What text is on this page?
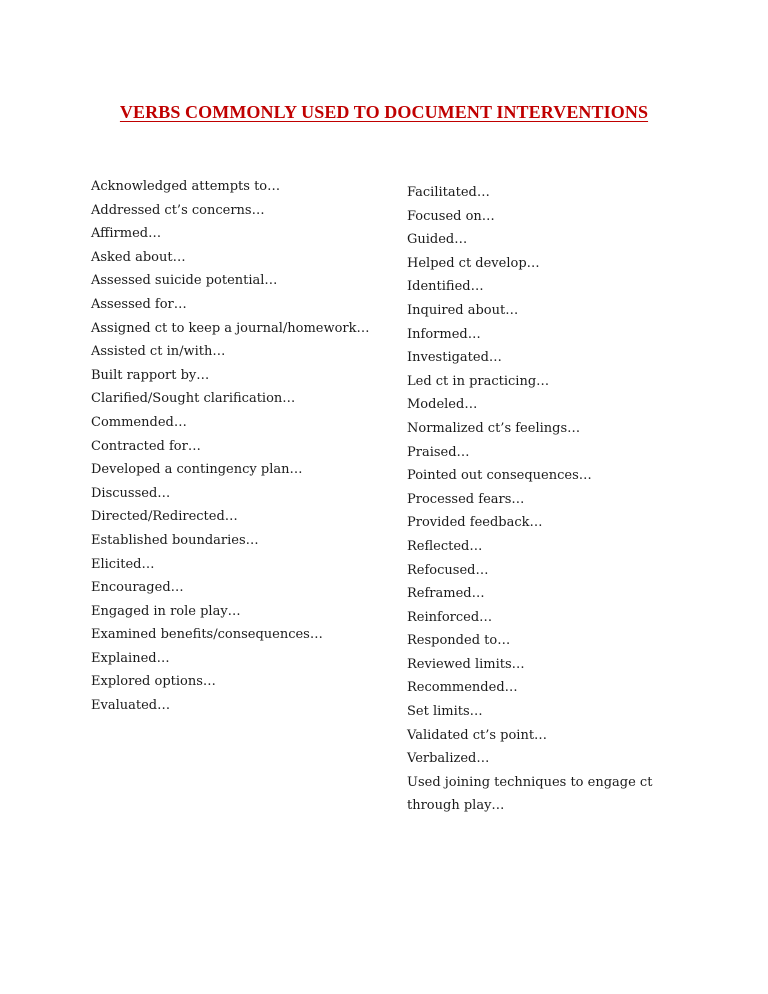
VERBS COMMONLY USED TO DOCUMENT INTERVENTIONS
Acknowledged attempts to…
Addressed ct’s concerns…
Affirmed…
Asked about…
Assessed suicide potential…
Assessed for…
Assigned ct to keep a journal/homework…
Assisted ct in/with…
Built rapport by…
Clarified/Sought clarification…
Commended…
Contracted for…
Developed a contingency plan…
Discussed…
Directed/Redirected…
Established boundaries…
Elicited…
Encouraged…
Engaged in role play…
Examined benefits/consequences…
Explained…
Explored options…
Evaluated…
Facilitated…
Focused on…
Guided…
Helped ct develop…
Identified…
Inquired about…
Informed…
Investigated…
Led ct in practicing…
Modeled…
Normalized ct’s feelings…
Praised…
Pointed out consequences…
Processed fears…
Provided feedback…
Reflected…
Refocused…
Reframed…
Reinforced…
Responded to…
Reviewed limits…
Recommended…
Set limits…
Validated ct’s point…
Verbalized…
Used joining techniques to engage ct
through play…
